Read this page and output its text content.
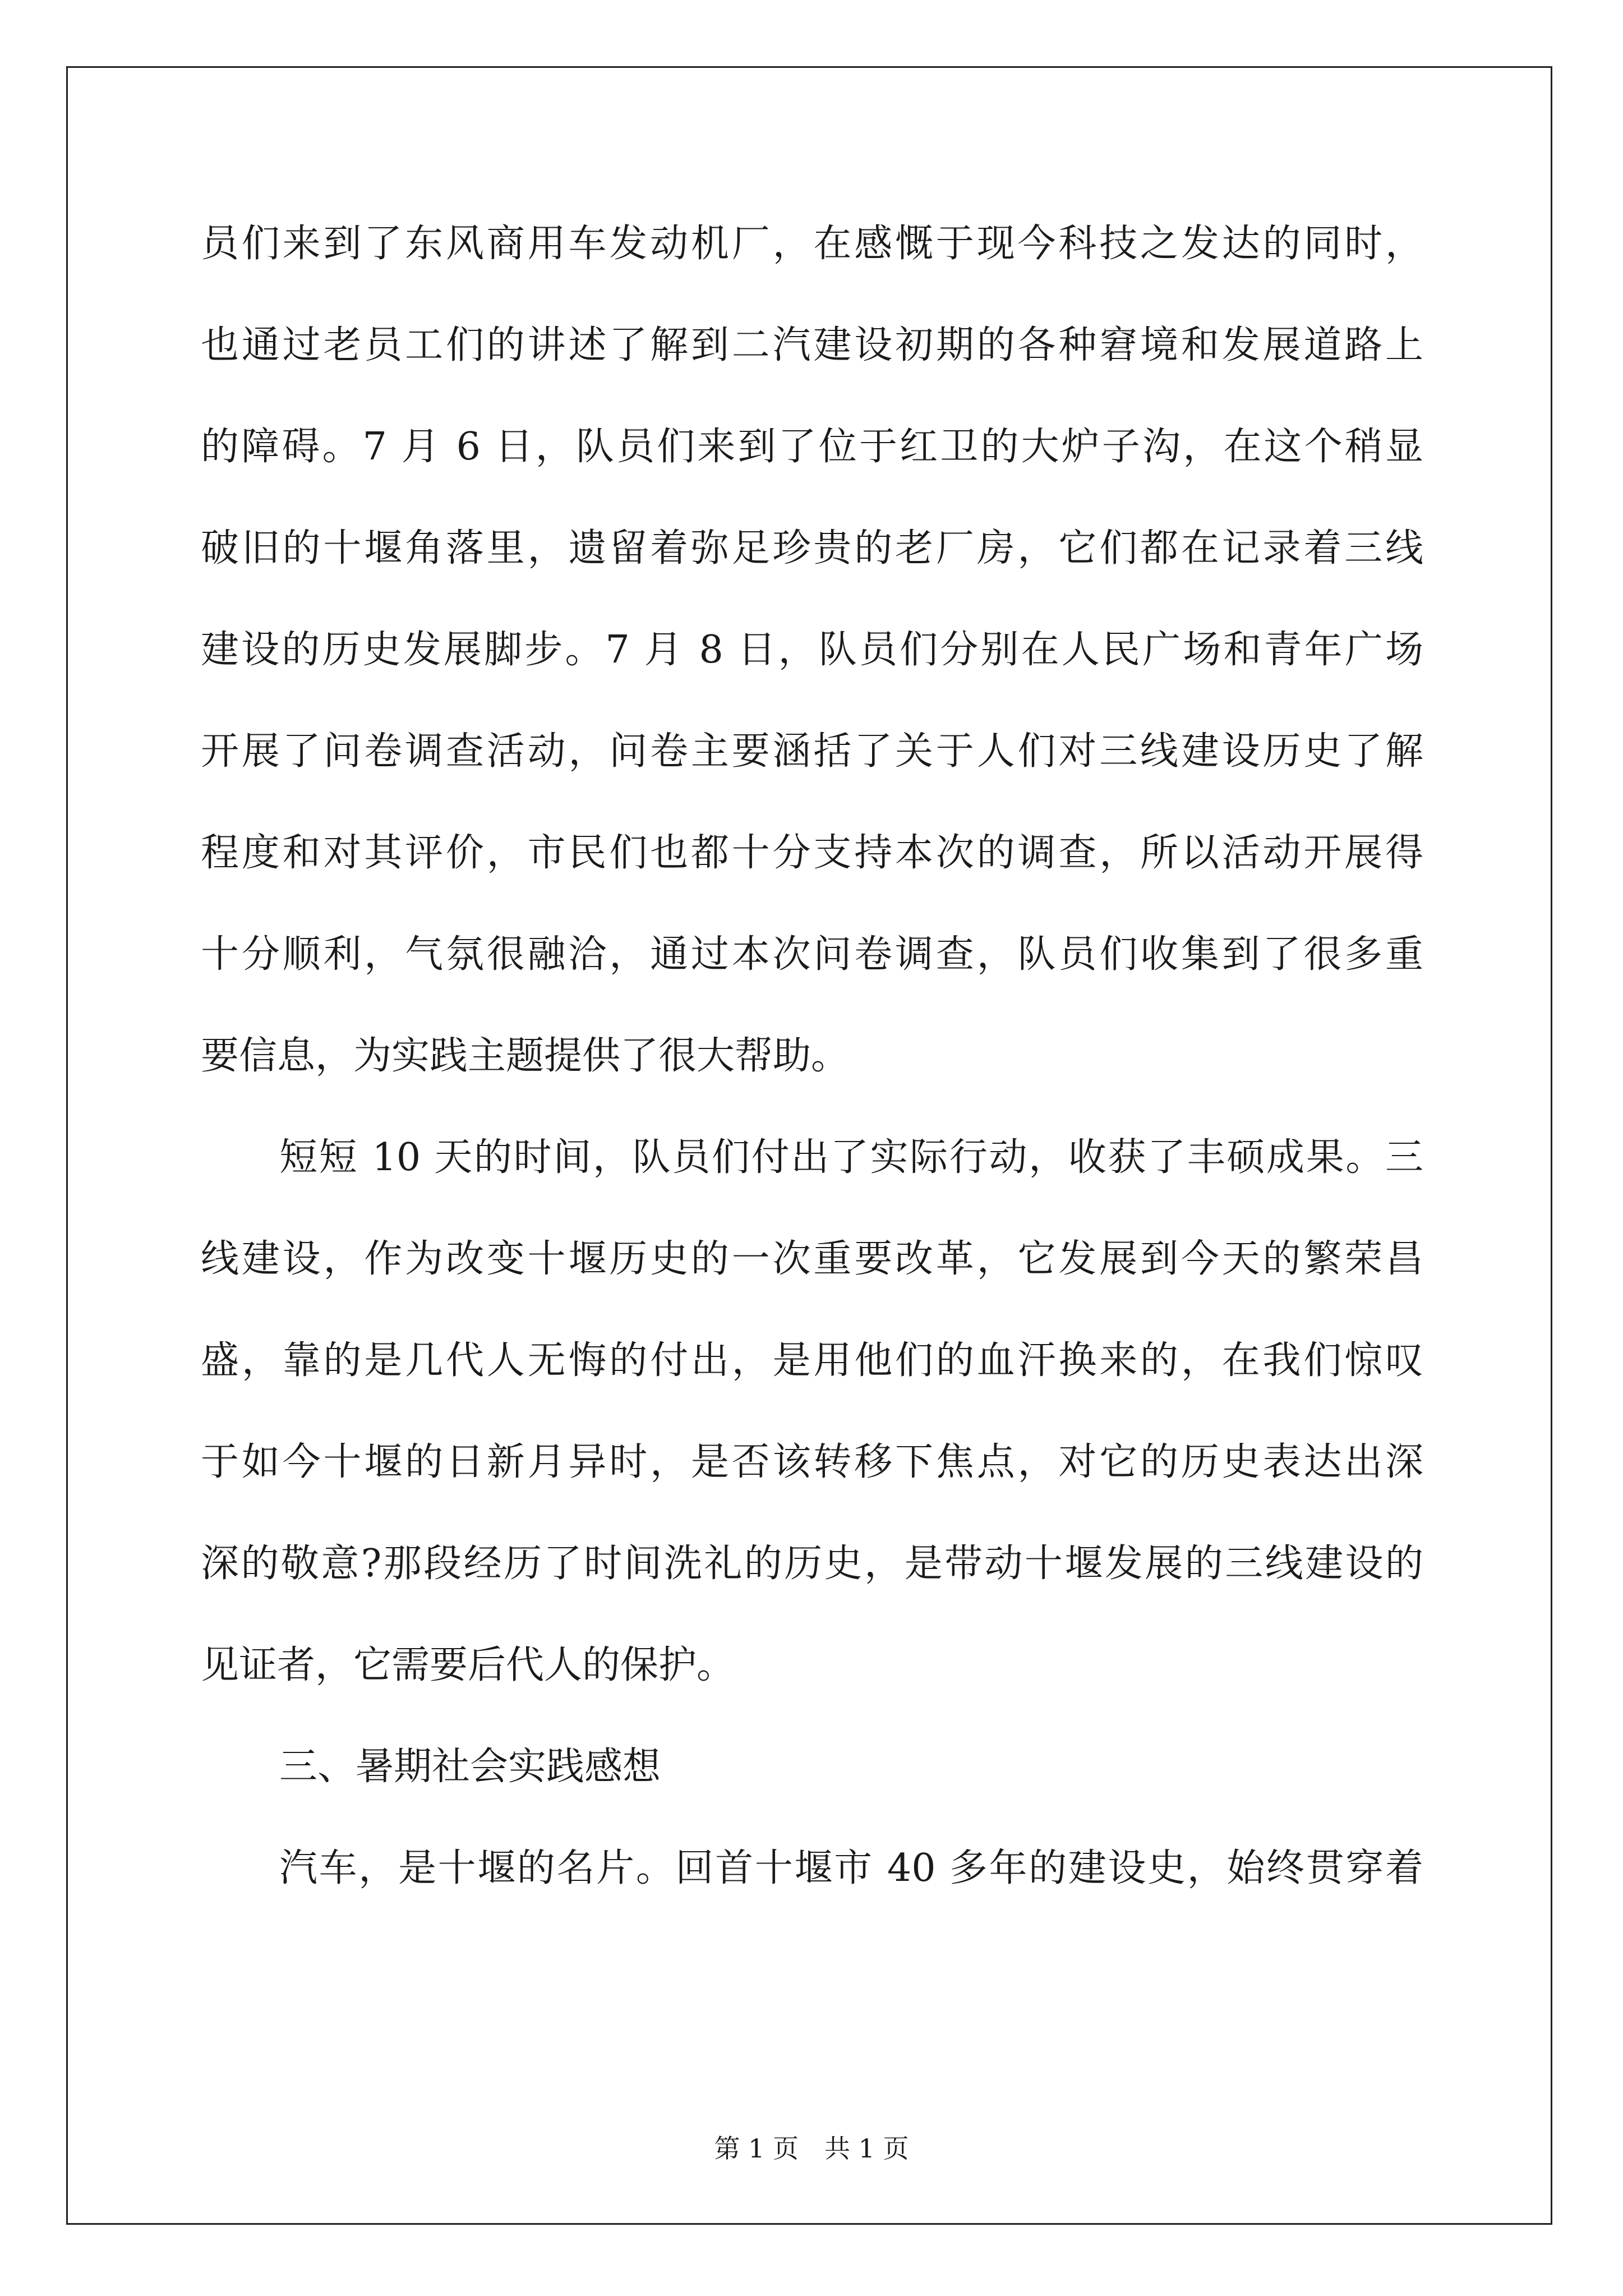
员们来到了东风商用车发动机厂，在感慨于现今科技之发达的同时，
也通过老员工们的讲述了解到二汽建设初期的各种窘境和发展道路上
的障碍。7 月 6 日，队员们来到了位于红卫的大炉子沟，在这个稍显
破旧的十堰角落里，遗留着弥足珍贵的老厂房，它们都在记录着三线
建设的历史发展脚步。7 月 8 日，队员们分别在人民广场和青年广场
开展了问卷调查活动，问卷主要涵括了关于人们对三线建设历史了解
程度和对其评价，市民们也都十分支持本次的调查，所以活动开展得
十分顺利，气氛很融洽，通过本次问卷调查，队员们收集到了很多重
要信息，为实践主题提供了很大帮助。
短短 10 天的时间，队员们付出了实际行动，收获了丰硕成果。三
线建设，作为改变十堰历史的一次重要改革，它发展到今天的繁荣昌
盛，靠的是几代人无悔的付出，是用他们的血汗换来的，在我们惊叹
于如今十堰的日新月异时，是否该转移下焦点，对它的历史表达出深
深的敬意?那段经历了时间洗礼的历史，是带动十堰发展的三线建设的
见证者，它需要后代人的保护。
三、暑期社会实践感想
汽车，是十堰的名片。回首十堰市 40 多年的建设史，始终贯穿着
第 1 页　共 1 页
